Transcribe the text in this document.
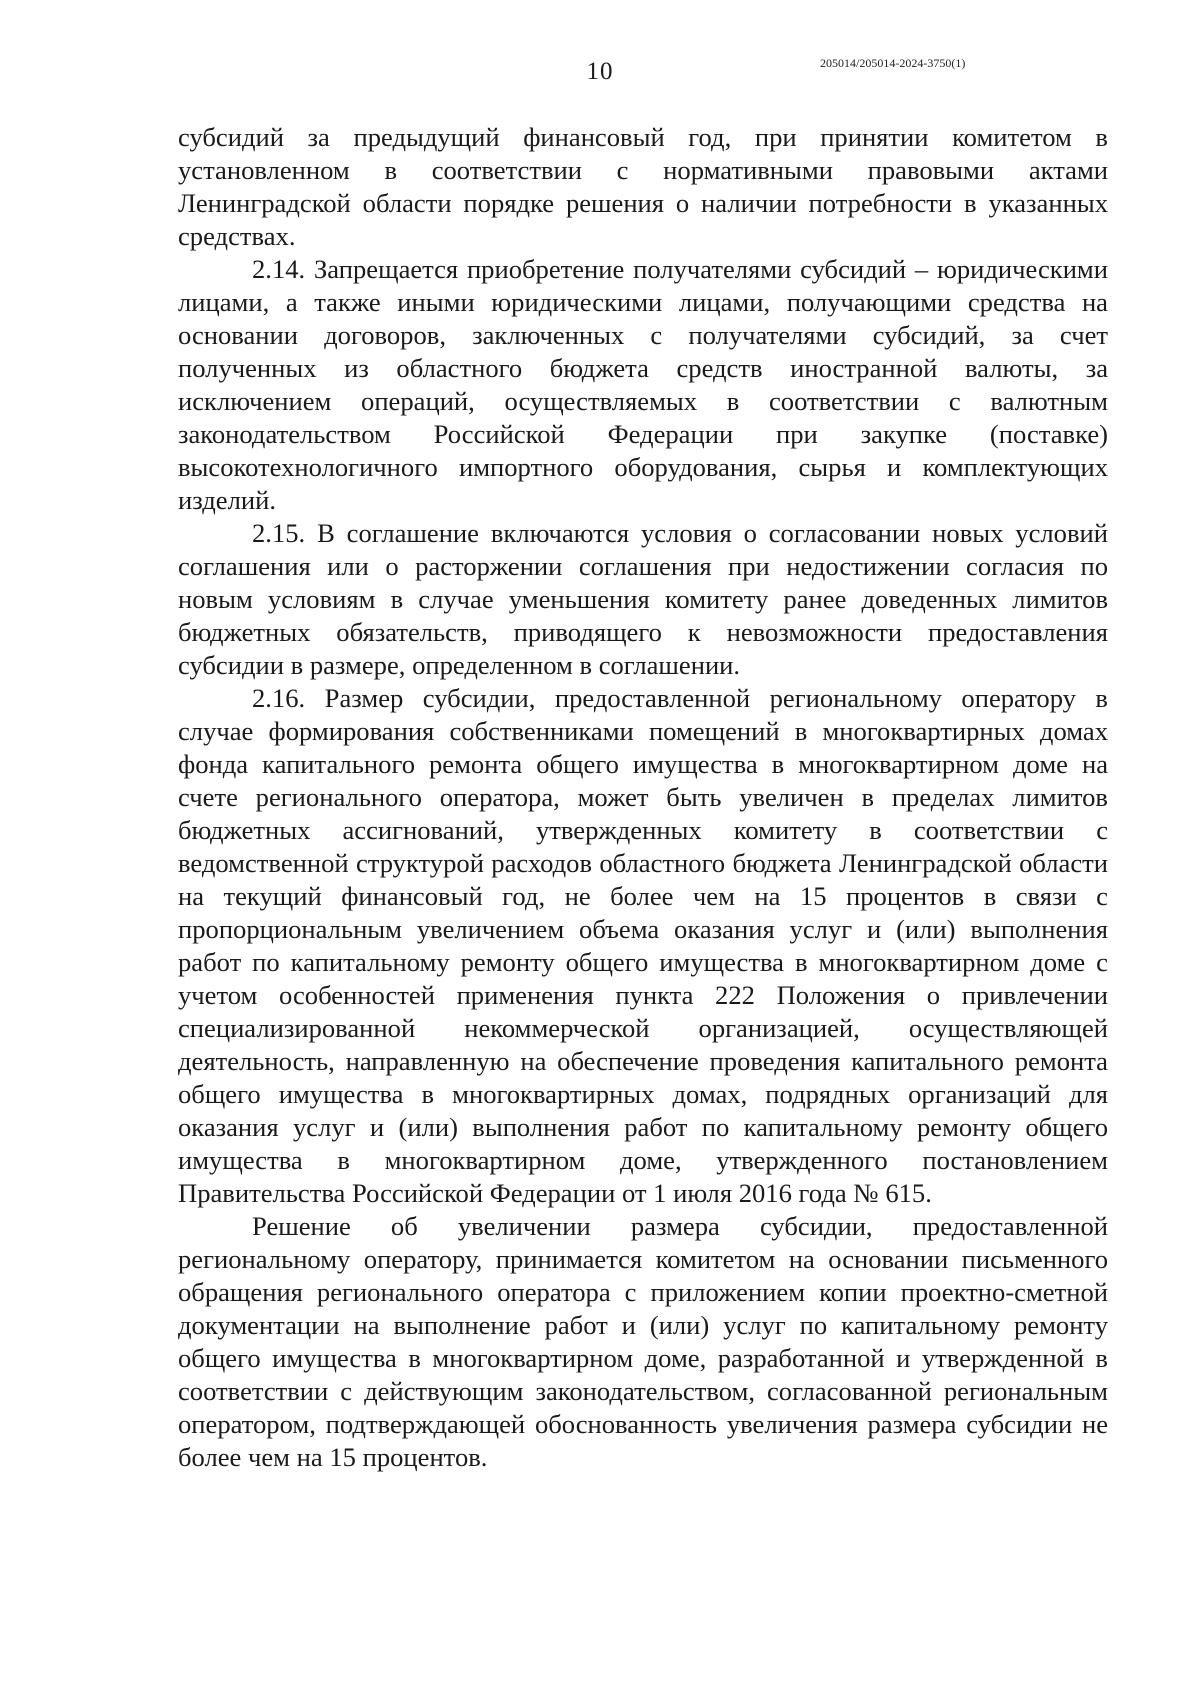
10	205014/205014-2024-3750(1)

субсидий за предыдущий финансовый год, при принятии комитетом в установленном в соответствии с нормативными правовыми актами Ленинградской области порядке решения о наличии потребности в указанных средствах.

2.14. Запрещается приобретение получателями субсидий – юридическими лицами, а также иными юридическими лицами, получающими средства на основании договоров, заключенных с получателями субсидий, за счет полученных из областного бюджета средств иностранной валюты, за исключением операций, осуществляемых в соответствии с валютным законодательством Российской Федерации при закупке (поставке) высокотехнологичного импортного оборудования, сырья и комплектующих изделий.

2.15. В соглашение включаются условия о согласовании новых условий соглашения или о расторжении соглашения при недостижении согласия по новым условиям в случае уменьшения комитету ранее доведенных лимитов бюджетных обязательств, приводящего к невозможности предоставления субсидии в размере, определенном в соглашении.

2.16. Размер субсидии, предоставленной региональному оператору в случае формирования собственниками помещений в многоквартирных домах фонда капитального ремонта общего имущества в многоквартирном доме на счете регионального оператора, может быть увеличен в пределах лимитов бюджетных ассигнований, утвержденных комитету в соответствии с ведомственной структурой расходов областного бюджета Ленинградской области на текущий финансовый год, не более чем на 15 процентов в связи с пропорциональным увеличением объема оказания услуг и (или) выполнения работ по капитальному ремонту общего имущества в многоквартирном доме с учетом особенностей применения пункта 222 Положения о привлечении специализированной некоммерческой организацией, осуществляющей деятельность, направленную на обеспечение проведения капитального ремонта общего имущества в многоквартирных домах, подрядных организаций для оказания услуг и (или) выполнения работ по капитальному ремонту общего имущества в многоквартирном доме, утвержденного постановлением Правительства Российской Федерации от 1 июля 2016 года № 615.

Решение об увеличении размера субсидии, предоставленной региональному оператору, принимается комитетом на основании письменного обращения регионального оператора с приложением копии проектно-сметной документации на выполнение работ и (или) услуг по капитальному ремонту общего имущества в многоквартирном доме, разработанной и утвержденной в соответствии с действующим законодательством, согласованной региональным оператором, подтверждающей обоснованность увеличения размера субсидии не более чем на 15 процентов.
